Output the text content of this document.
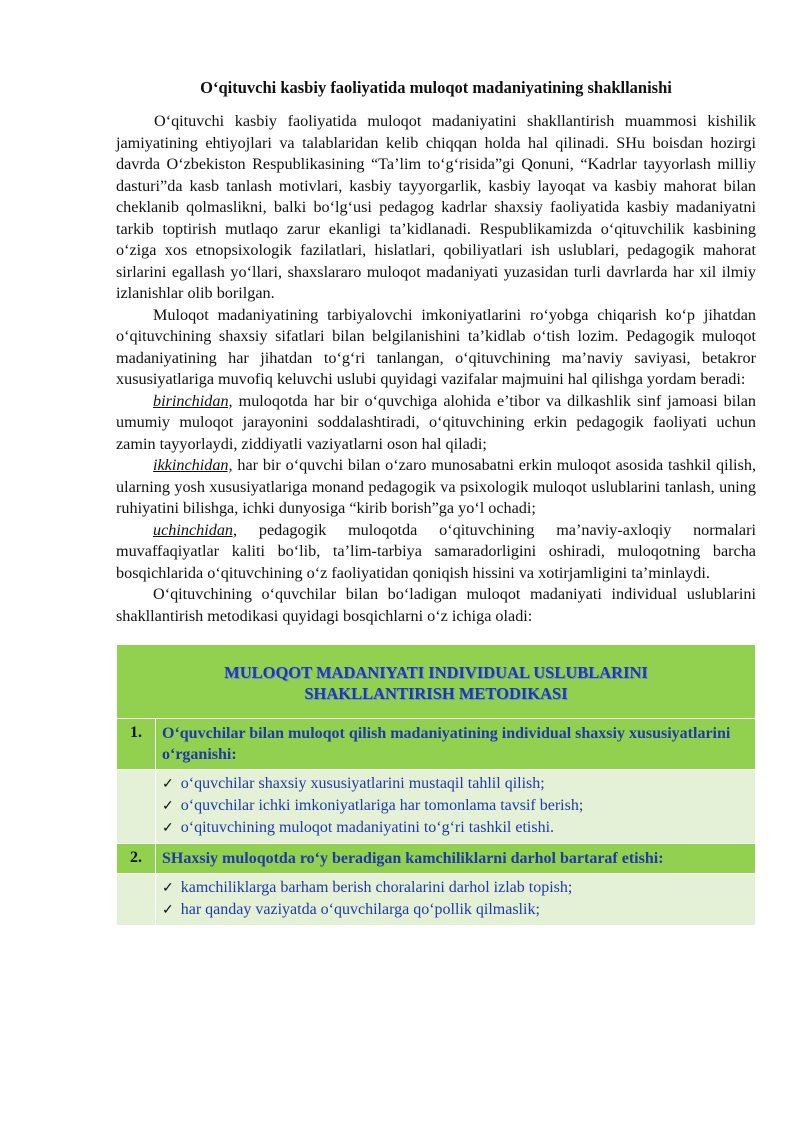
O‘qituvchi kasbiy faoliyatida muloqot madaniyatining shakllanishi

O‘qituvchi kasbiy faoliyatida muloqot madaniyatini shakllantirish muammosi kishilik jamiyatining ehtiyojlari va talablaridan kelib chiqqan holda hal qilinadi. SHu boisdan hozirgi davrda O‘zbekiston Respublikasining “Ta’lim to‘g‘risida”gi Qonuni, “Kadrlar tayyorlash milliy dasturi”da kasb tanlash motivlari, kasbiy tayyorgarlik, kasbiy layoqat va kasbiy mahorat bilan cheklanib qolmaslikni, balki bo‘lg‘usi pedagog kadrlar shaxsiy faoliyatida kasbiy madaniyatni tarkib toptirish mutlaqo zarur ekanligi ta’kidlanadi. Respublikamizda o‘qituvchilik kasbining o‘ziga xos etnopsixologik fazilatlari, hislatlari, qobiliyatlari ish uslublari, pedagogik mahorat sirlarini egallash yo‘llari, shaxslararo muloqot madaniyati yuzasidan turli davrlarda har xil ilmiy izlanishlar olib borilgan.

Muloqot madaniyatining tarbiyalovchi imkoniyatlarini ro‘yobga chiqarish ko‘p jihatdan o‘qituvchining shaxsiy sifatlari bilan belgilanishini ta’kidlab o‘tish lozim. Pedagogik muloqot madaniyatining har jihatdan to‘g‘ri tanlangan, o‘qituvchining ma’naviy saviyasi, betakror xususiyatlariga muvofiq keluvchi uslubi quyidagi vazifalar majmuini hal qilishga yordam beradi:

birinchidan, muloqotda har bir o‘quvchiga alohida e’tibor va dilkashlik sinf jamoasi bilan umumiy muloqot jarayonini soddalashtiradi, o‘qituvchining erkin pedagogik faoliyati uchun zamin tayyorlaydi, ziddiyatli vaziyatlarni oson hal qiladi;

ikkinchidan, har bir o‘quvchi bilan o‘zaro munosabatni erkin muloqot asosida tashkil qilish, ularning yosh xususiyatlariga monand pedagogik va psixologik muloqot uslublarini tanlash, uning ruhiyatini bilishga, ichki dunyosiga “kirib borish”ga yo‘l ochadi;

uchinchidan, pedagogik muloqotda o‘qituvchining ma’naviy-axloqiy normalari muvaffaqiyatlar kaliti bo‘lib, ta’lim-tarbiya samaradorligini oshiradi, muloqotning barcha bosqichlarida o‘qituvchining o‘z faoliyatidan qoniqish hissini va xotirjamligini ta’minlaydi.

O‘qituvchining o‘quvchilar bilan bo‘ladigan muloqot madaniyati individual uslublarini shakllantirish metodikasi quyidagi bosqichlarni o‘z ichiga oladi:

MULOQOT MADANIYATI INDIVIDUAL USLUBLARINI
SHAKLLANTIRISH METODIKASI	

1.	O‘quvchilar bilan muloqot qilish madaniyatining individual shaxsiy xususiyatlarini o‘rganishi:

	✓ o‘quvchilar shaxsiy xususiyatlarini mustaqil tahlil qilish;
✓ o‘quvchilar ichki imkoniyatlariga har tomonlama tavsif berish;
✓ o‘qituvchining muloqot madaniyatini to‘g‘ri tashkil etishi.

2.	SHaxsiy muloqotda ro‘y beradigan kamchiliklarni darhol bartaraf etishi:

	✓ kamchiliklarga barham berish choralarini darhol izlab topish;
✓ har qanday vaziyatda o‘quvchilarga qo‘pollik qilmaslik;
